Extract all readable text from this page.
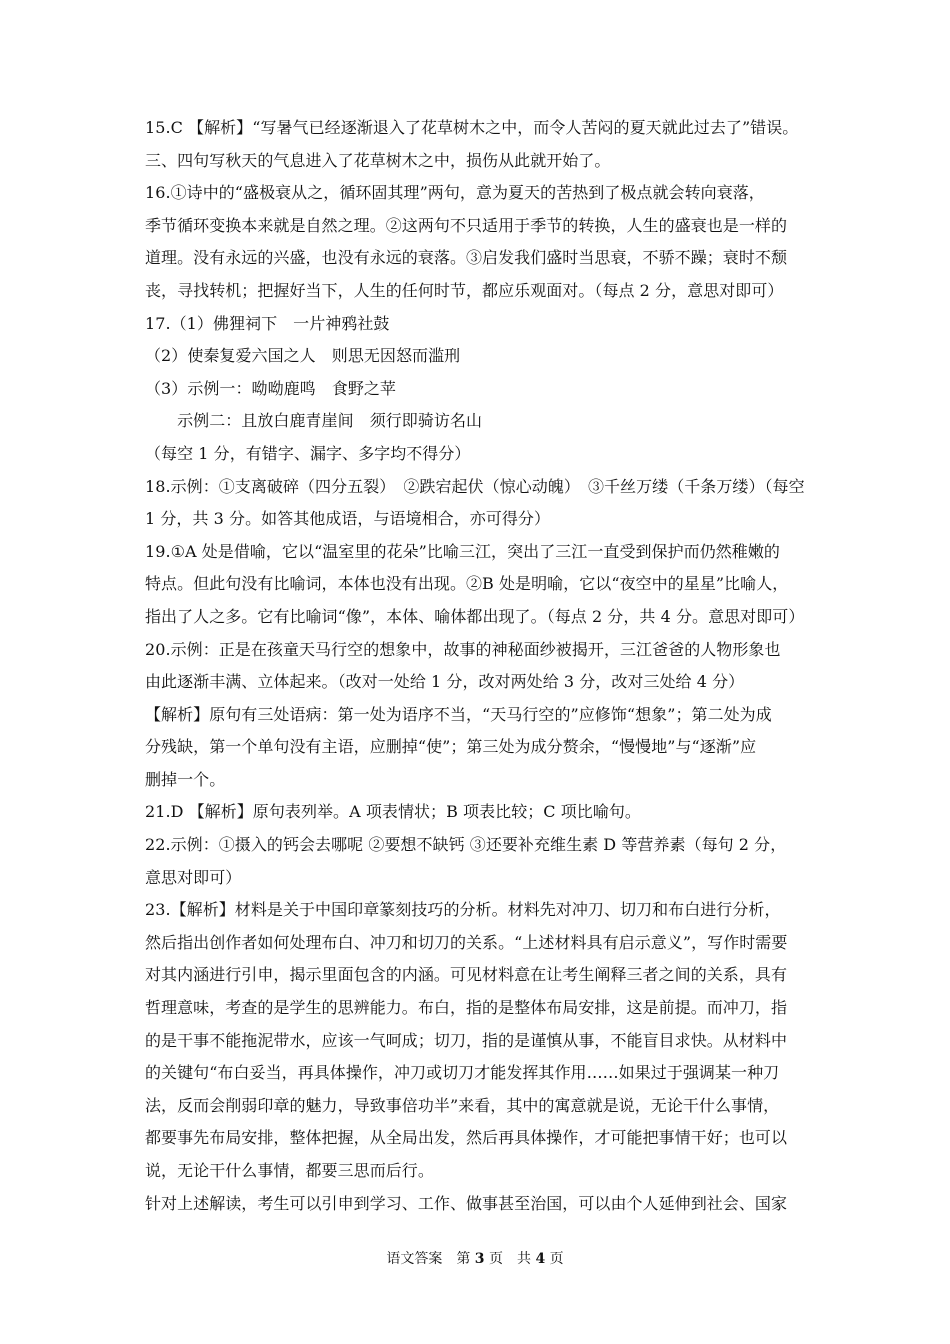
15.C 【解析】“写暑气已经逐渐退入了花草树木之中，而令人苦闷的夏天就此过去了”错误。
三、四句写秋天的气息进入了花草树木之中，损伤从此就开始了。
16.①诗中的“盛极衰从之，循环固其理”两句，意为夏天的苦热到了极点就会转向衰落，
季节循环变换本来就是自然之理。②这两句不只适用于季节的转换，人生的盛衰也是一样的
道理。没有永远的兴盛，也没有永远的衰落。③启发我们盛时当思衰，不骄不躁；衰时不颓
丧，寻找转机；把握好当下，人生的任何时节，都应乐观面对。（每点 2 分，意思对即可）
17.（1）佛狸祠下　一片神鸦社鼓
（2）使秦复爱六国之人　则思无因怒而滥刑
（3）示例一：呦呦鹿鸣　食野之苹
　　示例二：且放白鹿青崖间　须行即骑访名山
（每空 1 分，有错字、漏字、多字均不得分）
18.示例：①支离破碎（四分五裂）　②跌宕起伏（惊心动魄）　③千丝万缕（千条万缕）（每空
1 分，共 3 分。如答其他成语，与语境相合，亦可得分）
19.①A 处是借喻，它以“温室里的花朵”比喻三江，突出了三江一直受到保护而仍然稚嫩的
特点。但此句没有比喻词，本体也没有出现。②B 处是明喻，它以“夜空中的星星”比喻人，
指出了人之多。它有比喻词“像”，本体、喻体都出现了。（每点 2 分，共 4 分。意思对即可）
20.示例：正是在孩童天马行空的想象中，故事的神秘面纱被揭开，三江爸爸的人物形象也
由此逐渐丰满、立体起来。（改对一处给 1 分，改对两处给 3 分，改对三处给 4 分）
【解析】原句有三处语病：第一处为语序不当，“天马行空的”应修饰“想象”；第二处为成
分残缺，第一个单句没有主语，应删掉“使”；第三处为成分赘余，“慢慢地”与“逐渐”应
删掉一个。
21.D 【解析】原句表列举。A 项表情状；B 项表比较；C 项比喻句。
22.示例：①摄入的钙会去哪呢 ②要想不缺钙 ③还要补充维生素 D 等营养素（每句 2 分，
意思对即可）
23.【解析】材料是关于中国印章篆刻技巧的分析。材料先对冲刀、切刀和布白进行分析，
然后指出创作者如何处理布白、冲刀和切刀的关系。“上述材料具有启示意义”，写作时需要
对其内涵进行引申，揭示里面包含的内涵。可见材料意在让考生阐释三者之间的关系，具有
哲理意味，考查的是学生的思辨能力。布白，指的是整体布局安排，这是前提。而冲刀，指
的是干事不能拖泥带水，应该一气呵成；切刀，指的是谨慎从事，不能盲目求快。从材料中
的关键句“布白妥当，再具体操作，冲刀或切刀才能发挥其作用……如果过于强调某一种刀
法，反而会削弱印章的魅力，导致事倍功半”来看，其中的寓意就是说，无论干什么事情，
都要事先布局安排，整体把握，从全局出发，然后再具体操作，才可能把事情干好；也可以
说，无论干什么事情，都要三思而后行。
针对上述解读，考生可以引申到学习、工作、做事甚至治国，可以由个人延伸到社会、国家
语文答案　第 3 页　共 4 页
